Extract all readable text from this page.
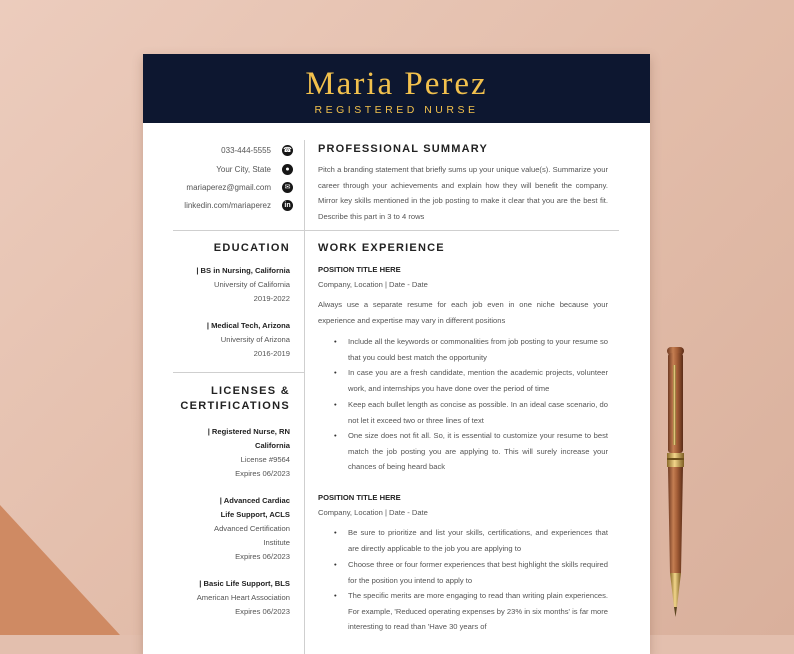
Maria Perez
REGISTERED NURSE
033-444-5555 ☎
Your City, State	●
mariaperez@gmail.com	✉
linkedin.com/mariaperez	in
EDUCATION
| BS in Nursing, California
University of California
2019-2022
| Medical Tech, Arizona
University of Arizona
2016-2019
LICENSES &
CERTIFICATIONS
| Registered Nurse, RN
California
License #9564
Expires 06/2023
| Advanced Cardiac
Life Support, ACLS
Advanced Certification
Institute
Expires 06/2023
| Basic Life Support, BLS
American Heart Association
Expires 06/2023
PROFESSIONAL SUMMARY
Pitch a branding statement that briefly sums up your unique value(s). Summarize your career through your achievements and explain how they will benefit the company. Mirror key skills mentioned in the job posting to make it clear that you are the best fit. Describe this part in 3 to 4 rows
WORK EXPERIENCE
POSITION TITLE HERE
Company, Location | Date - Date
Always use a separate resume for each job even in one niche because your experience and expertise may vary in different positions
• Include all the keywords or commonalities from job posting to your resume so that you could best match the opportunity
• In case you are a fresh candidate, mention the academic projects, volunteer work, and internships you have done over the period of time
• Keep each bullet length as concise as possible. In an ideal case scenario, do not let it exceed two or three lines of text
• One size does not fit all. So, it is essential to customize your resume to best match the job posting you are applying to. This will surely increase your chances of being heard back
POSITION TITLE HERE
Company, Location | Date - Date
• Be sure to prioritize and list your skills, certifications, and experiences that are directly applicable to the job you are applying to
• Choose three or four former experiences that best highlight the skills required for the position you intend to apply to
• The specific merits are more engaging to read than writing plain experiences. For example, 'Reduced operating expenses by 23% in six months' is far more interesting to read than 'Have 30 years of
